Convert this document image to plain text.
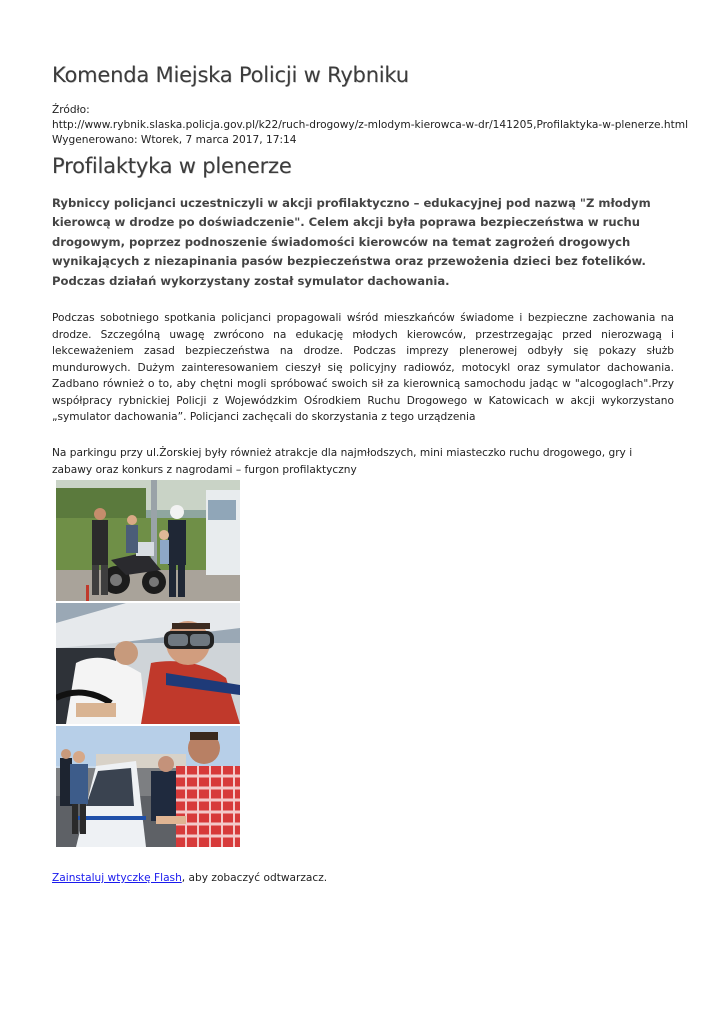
Komenda Miejska Policji w Rybniku
Źródło:
http://www.rybnik.slaska.policja.gov.pl/k22/ruch-drogowy/z-mlodym-kierowca-w-dr/141205,Profilaktyka-w-plenerze.html
Wygenerowano: Wtorek, 7 marca 2017, 17:14
Profilaktyka w plenerze

Rybniccy policjanci uczestniczyli w akcji profilaktyczno – edukacyjnej pod nazwą "Z młodym kierowcą w drodze po doświadczenie". Celem akcji była poprawa bezpieczeństwa w ruchu drogowym, poprzez podnoszenie świadomości kierowców na temat zagrożeń drogowych wynikających z niezapinania pasów bezpieczeństwa oraz przewożenia dzieci bez fotelików. Podczas działań wykorzystany został symulator dachowania.

Podczas sobotniego spotkania policjanci propagowali wśród mieszkańców świadome i bezpieczne zachowania na drodze. Szczególną uwagę zwrócono na edukację młodych kierowców, przestrzegając przed nierozwagą i lekceważeniem zasad bezpieczeństwa na drodze. Podczas imprezy plenerowej odbyły się pokazy służb mundurowych. Dużym zainteresowaniem cieszył się policyjny radiowóz, motocykl oraz symulator dachowania. Zadbano również o to, aby chętni mogli spróbować swoich sił za kierownicą samochodu jadąc w "alcogoglach".Przy współpracy rybnickiej Policji z Wojewódzkim Ośrodkiem Ruchu Drogowego w Katowicach w akcji wykorzystano „symulator dachowania”. Policjanci zachęcali do skorzystania z tego urządzenia

Na parkingu przy ul.Żorskiej były również atrakcje dla najmłodszych, mini miasteczko ruchu drogowego, gry i zabawy oraz konkurs z nagrodami – furgon profilaktyczny

Zainstaluj wtyczkę Flash, aby zobaczyć odtwarzacz.
